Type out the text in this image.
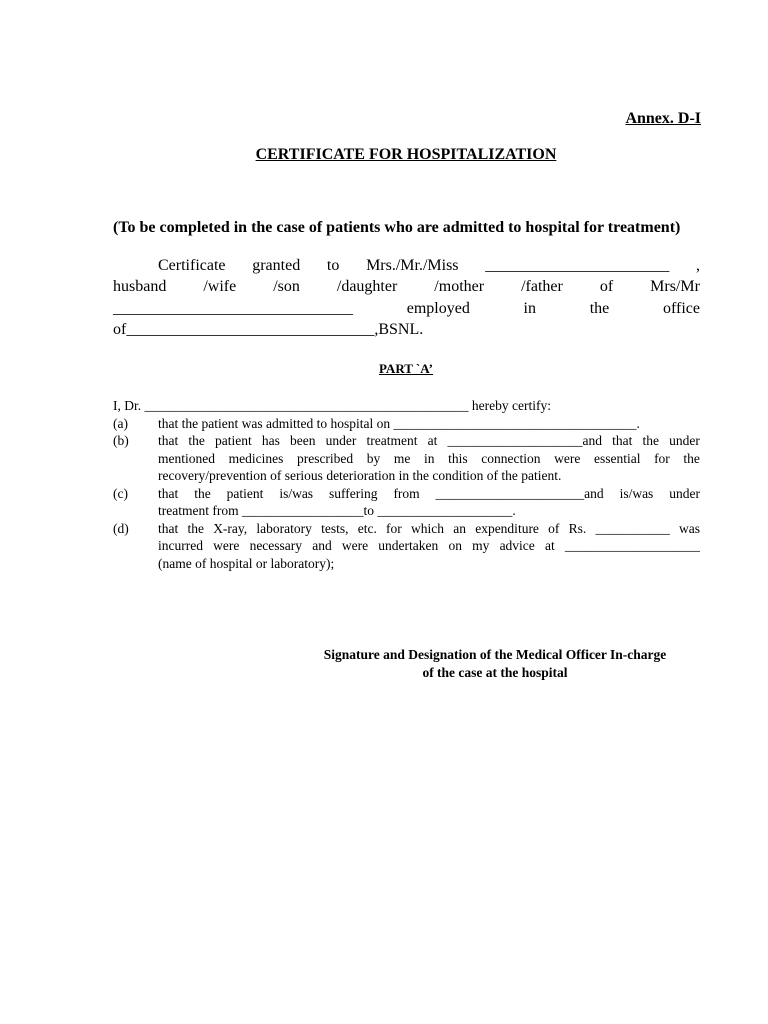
Annex. D-I
CERTIFICATE FOR HOSPITALIZATION
(To be completed in the case of patients who are admitted to hospital for treatment)
Certificate granted to Mrs./Mr./Miss _______________________ ,
husband /wife /son /daughter /mother /father of Mrs/Mr
______________________________	employed	in	the	office
of_______________________________,BSNL.
PART `A’
I, Dr. ________________________________________________ hereby certify:
(a)	that the patient was admitted to hospital on ____________________________________.
(b)	that the patient has been under treatment at ____________________and that the under
mentioned medicines prescribed by me in this connection were essential for the
recovery/prevention of serious deterioration in the condition of the patient.
(c)	that the patient is/was suffering from ______________________and is/was under
treatment from __________________to ____________________.
(d)	that the X-ray, laboratory tests, etc. for which an expenditure of Rs. ___________ was
incurred were necessary and were undertaken on my advice at ____________________
(name of hospital or laboratory);
Signature and Designation of the Medical Officer In-charge
of the case at the hospital
